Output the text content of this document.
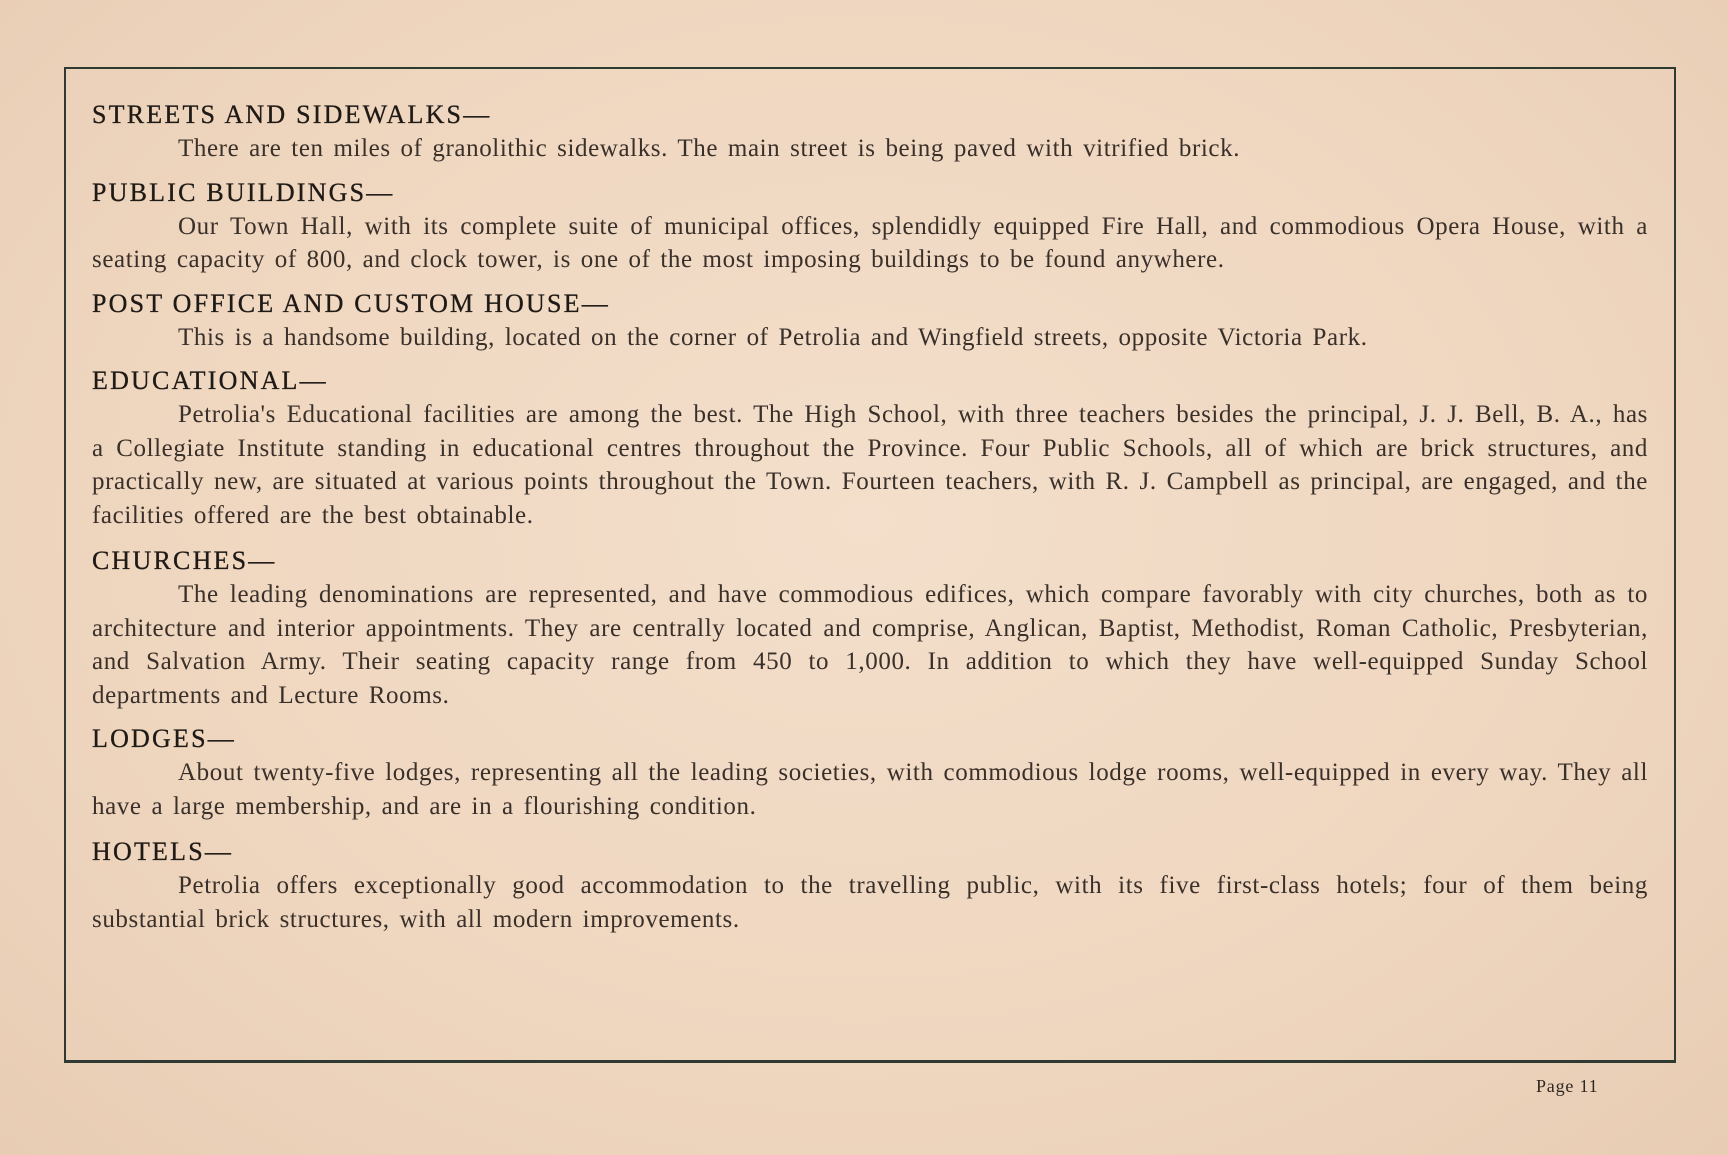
STREETS AND SIDEWALKS—

There are ten miles of granolithic sidewalks. The main street is being paved with vitrified brick.

PUBLIC BUILDINGS—

Our Town Hall, with its complete suite of municipal offices, splendidly equipped Fire Hall, and commodious Opera House, with a seating capacity of 800, and clock tower, is one of the most imposing buildings to be found anywhere.

POST OFFICE AND CUSTOM HOUSE—

This is a handsome building, located on the corner of Petrolia and Wingfield streets, opposite Victoria Park.

EDUCATIONAL—

Petrolia's Educational facilities are among the best. The High School, with three teachers besides the principal, J. J. Bell, B. A., has a Collegiate Institute standing in educational centres throughout the Province. Four Public Schools, all of which are brick structures, and practically new, are situated at various points throughout the Town. Fourteen teachers, with R. J. Campbell as principal, are engaged, and the facilities offered are the best obtainable.

CHURCHES—

The leading denominations are represented, and have commodious edifices, which compare favorably with city churches, both as to architecture and interior appointments. They are centrally located and comprise, Anglican, Baptist, Methodist, Roman Catholic, Presbyterian, and Salvation Army. Their seating capacity range from 450 to 1,000. In addition to which they have well-equipped Sunday School departments and Lecture Rooms.

LODGES—

About twenty-five lodges, representing all the leading societies, with commodious lodge rooms, well-equipped in every way. They all have a large membership, and are in a flourishing condition.

HOTELS—

Petrolia offers exceptionally good accommodation to the travelling public, with its five first-class hotels; four of them being substantial brick structures, with all modern improvements.

Page 11
